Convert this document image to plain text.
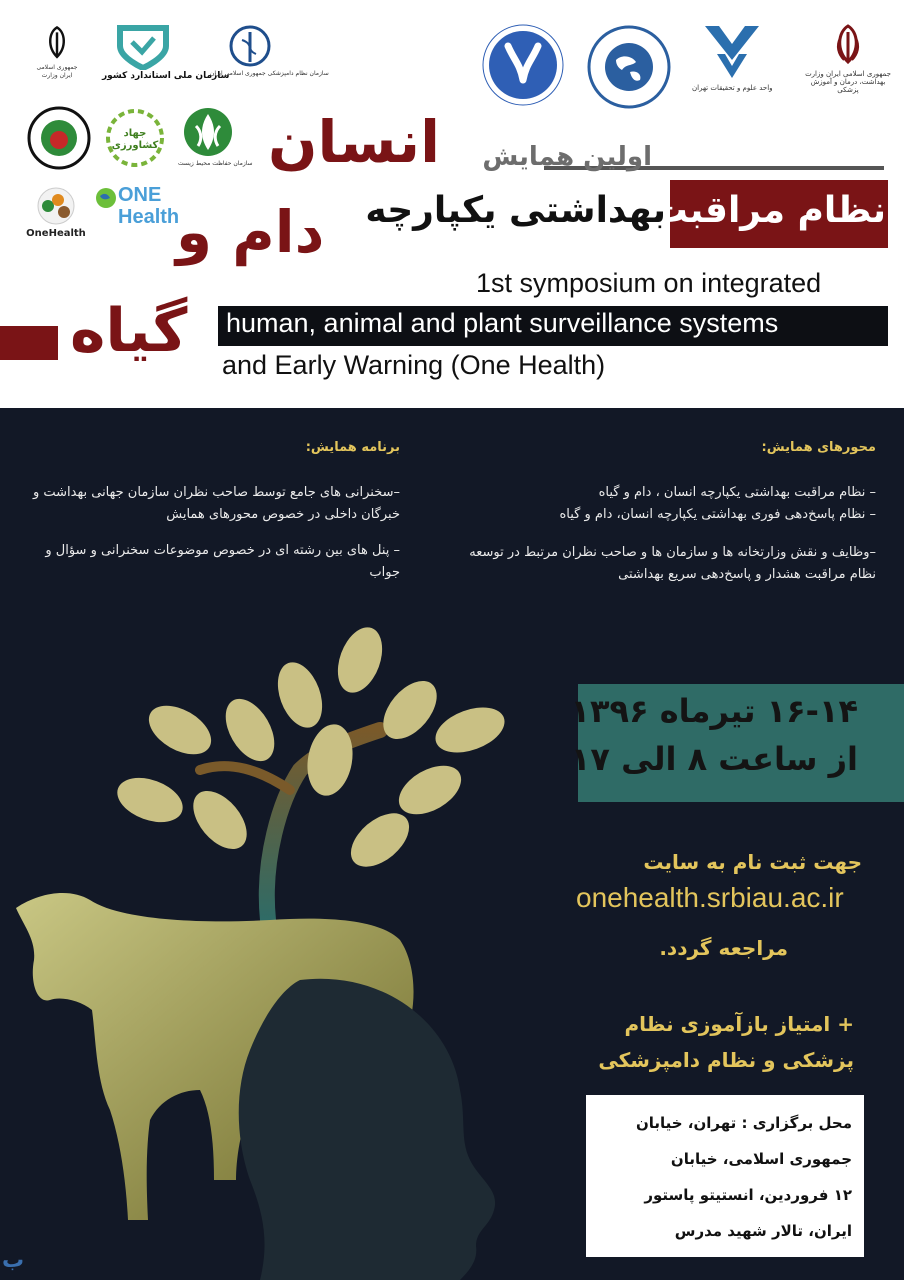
جمهوری اسلامی ایران وزارت بهداشت، درمان و آموزش پزشکی
واحد علوم و تحقیقات تهران
جمهوری اسلامی ایران وزارت	سازمان ملی استاندارد کشور
سازمان نظام دامپزشکی جمهوری اسلامی ایران
جهاد کشاورزی
سازمان حفاظت محیط زیست
OneHealth
ONE Health
اولین همایش
انسان
نظام مراقبت
بهداشتی یکپارچه
دام و
گیاه
1st symposium on integrated
human, animal and plant surveillance systems
and Early Warning (One Health)
محورهای همایش:
– نظام مراقبت بهداشتی یکپارچه انسان ، دام و گیاه
– نظام پاسخ‌دهی فوری بهداشتی یکپارچه انسان، دام و گیاه
–وظایف و نقش وزارتخانه ها و سازمان ها و صاحب نظران مرتبط در توسعه نظام مراقبت هشدار و پاسخ‌دهی سریع بهداشتی
برنامه همایش:
–سخنرانی های جامع توسط صاحب نظران سازمان جهانی بهداشت و خبرگان داخلی در خصوص محورهای همایش
– پنل های بین رشته ای در خصوص موضوعات سخنرانی و سؤال و جواب
۱۶-۱۴ تیرماه ۱۳۹۶
از ساعت ۸ الی ۱۷
جهت ثبت نام به سایت
onehealth.srbiau.ac.ir
مراجعه گردد.
+ امتیاز بازآموزی نظام
پزشکی و نظام دامپزشکی
محل برگزاری : تهران، خیابان
جمهوری اسلامی، خیابان
۱۲ فروردین، انستیتو پاستور
ایران، تالار شهید مدرس
ب
